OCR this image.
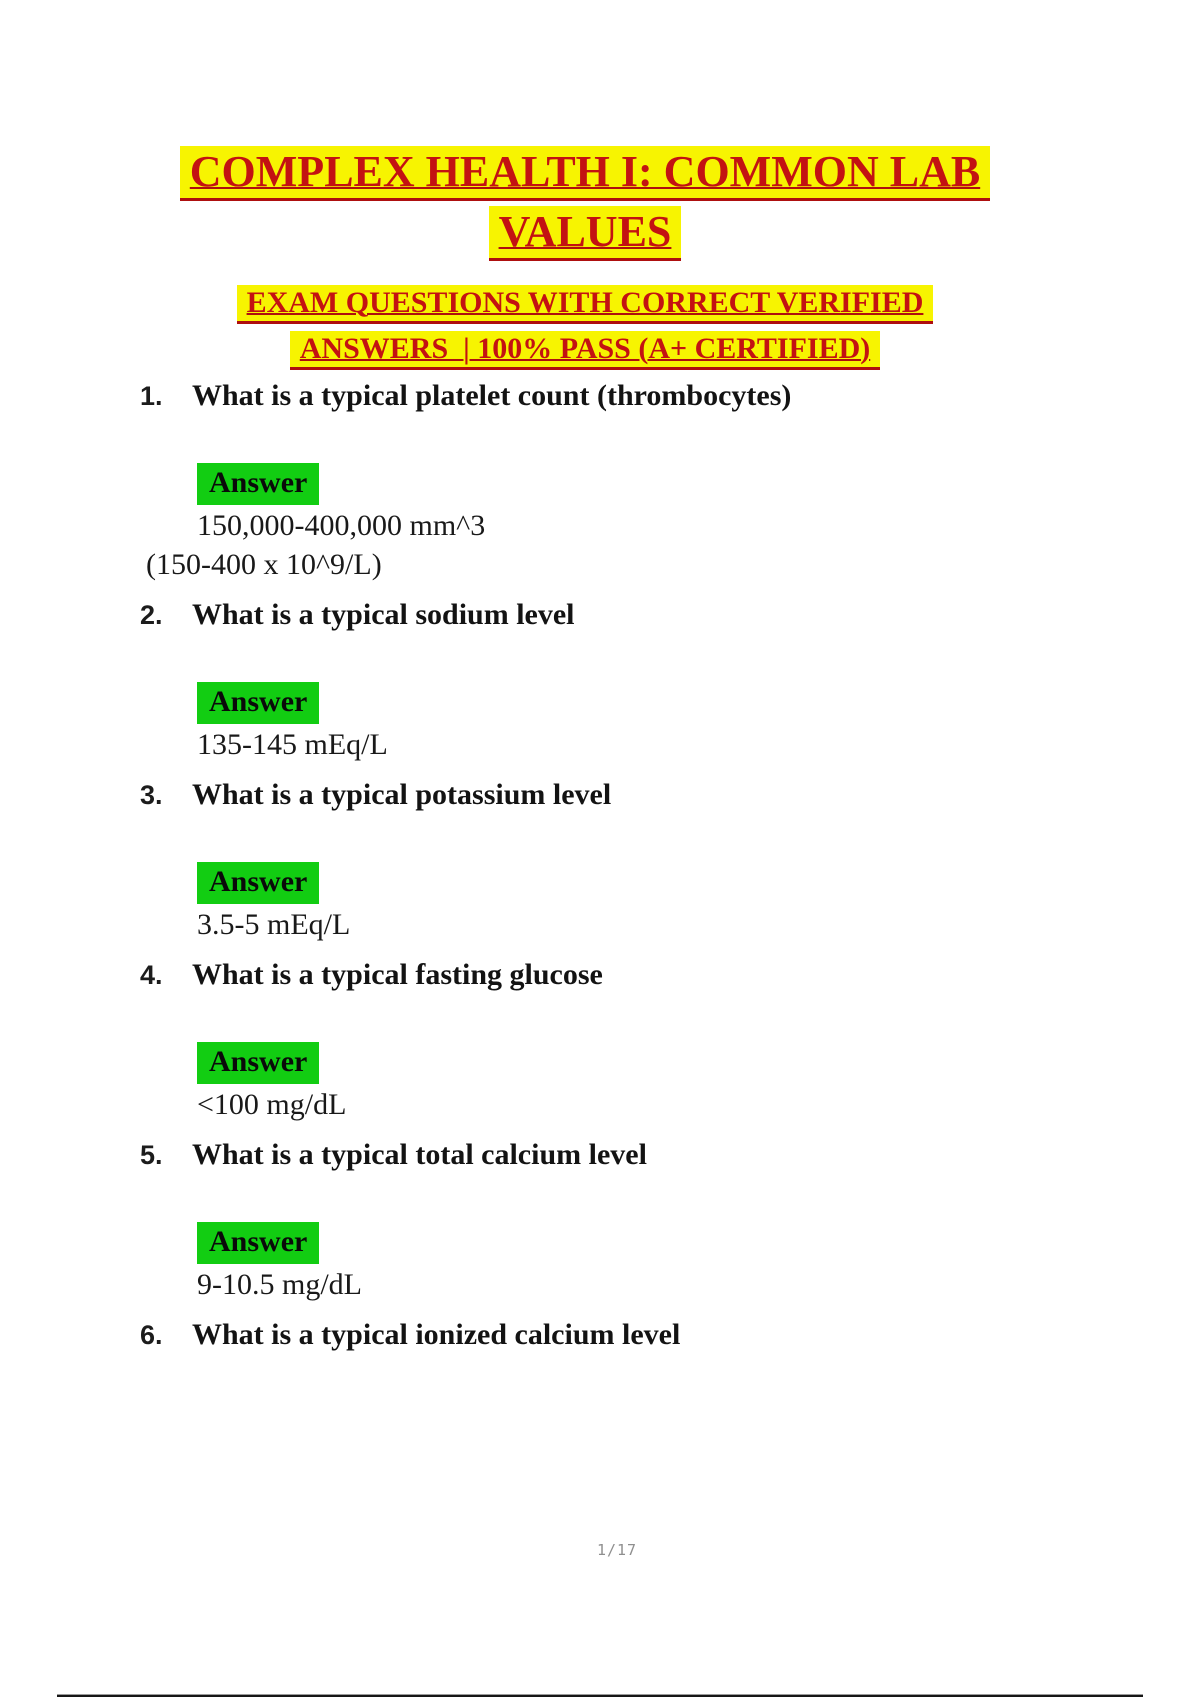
COMPLEX HEALTH I: COMMON LAB
VALUES
EXAM QUESTIONS WITH CORRECT VERIFIED
ANSWERS  | 100% PASS (A+ CERTIFIED)
1. What is a typical platelet count (thrombocytes)
Answer
150,000-400,000 mm^3
(150-400 x 10^9/L)
2. What is a typical sodium level
Answer
135-145 mEq/L
3. What is a typical potassium level
Answer
3.5-5 mEq/L
4. What is a typical fasting glucose
Answer
<100 mg/dL
5. What is a typical total calcium level
Answer
9-10.5 mg/dL
6. What is a typical ionized calcium level
1/17
